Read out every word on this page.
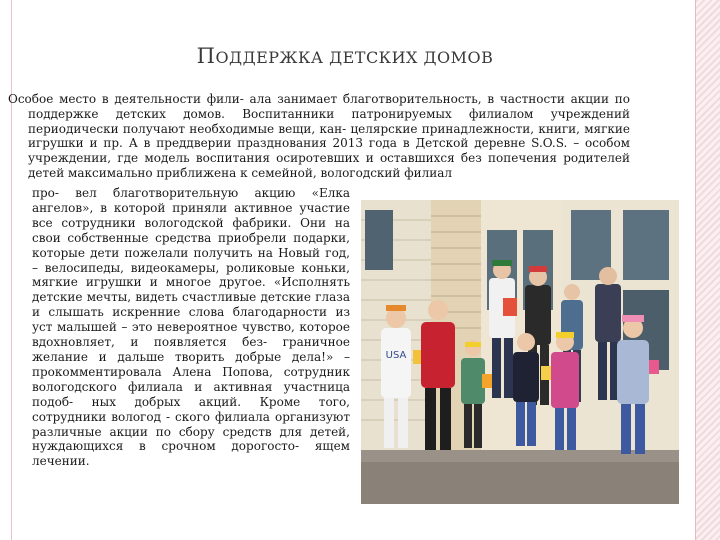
ПОДДЕРЖКА ДЕТСКИХ ДОМОВ

Особое место в деятельности фили- ала занимает благотворительность, в частности акции по поддержке детских домов. Воспитанники патронируемых филиалом учреждений периодически получают необходимые вещи, кан- целярские принадлежности, книги, мягкие игрушки и пр. А в преддверии празднования 2013 года в Детской деревне S.O.S. – особом учреждении, где модель воспитания осиротевших и оставшихся без попечения родителей детей максимально приближена к семейной, вологодский филиал

про- вел благотворительную акцию «Елка ангелов», в которой приняли активное участие все сотрудники вологодской фабрики. Они на свои собственные средства приобрели подарки, которые дети пожелали получить на Новый год, – велосипеды, видеокамеры, роликовые коньки, мягкие игрушки и многое другое. «Исполнять детские мечты, видеть счастливые детские глаза и слышать искренние слова благодарности из уст малышей – это невероятное чувство, которое вдохновляет, и появляется без- граничное желание и дальше творить добрые дела!» – прокомментировала Алена Попова, сотрудник вологодского филиала и активная участница подоб- ных добрых акций. Кроме того, сотрудники вологод - ского филиала организуют различные акции по сбору средств для детей, нуждающихся в срочном дорогосто- ящем лечении.

USA
